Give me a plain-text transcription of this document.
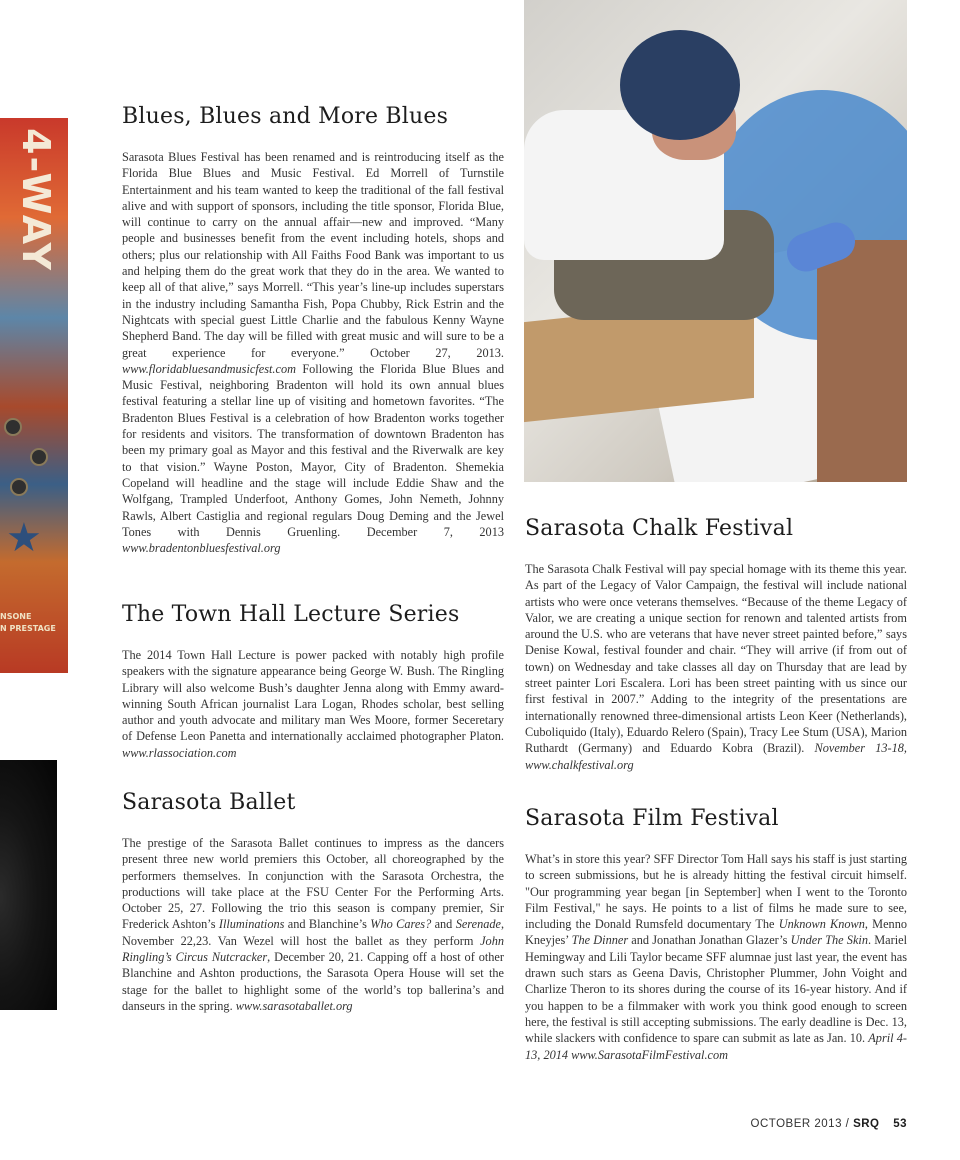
4-WAY
★
NSONE
N PRESTAGE
Blues, Blues and More Blues

Sarasota Blues Festival has been renamed and is reintroducing itself as the Florida Blue Blues and Music Festival. Ed Morrell of Turnstile Entertainment and his team wanted to keep the traditional of the fall festival alive and with support of sponsors, including the title sponsor, Florida Blue, will continue to carry on the annual affair—new and improved. “Many people and businesses benefit from the event including hotels, shops and others; plus our relationship with All Faiths Food Bank was important to us and helping them do the great work that they do in the area. We wanted to keep all of that alive,” says Morrell. “This year’s line-up includes superstars in the industry including Samantha Fish, Popa Chubby, Rick Estrin and the Nightcats with special guest Little Charlie and the fabulous Kenny Wayne Shepherd Band. The day will be filled with great music and will sure to be a great experience for everyone.” October 27, 2013. www.floridabluesandmusicfest.com Following the Florida Blue Blues and Music Festival, neighboring Bradenton will hold its own annual blues festival featuring a stellar line up of visiting and hometown favorites. “The Bradenton Blues Festival is a celebration of how Bradenton works together for residents and visitors. The transformation of downtown Bradenton has been my primary goal as Mayor and this festival and the Riverwalk are key to that vision.” Wayne Poston, Mayor, City of Bradenton. Shemekia Copeland will headline and the stage will include Eddie Shaw and the Wolfgang, Trampled Underfoot, Anthony Gomes, John Nemeth, Johnny Rawls, Albert Castiglia and regional regulars Doug Deming and the Jewel Tones with Dennis Gruenling. December 7, 2013 www.bradentonbluesfestival.org

The Town Hall Lecture Series

The 2014 Town Hall Lecture is power packed with notably high profile speakers with the signature appearance being George W. Bush. The Ringling Library will also welcome Bush’s daughter Jenna along with Emmy award-winning South African journalist Lara Logan, Rhodes scholar, best selling author and youth advocate and military man Wes Moore, former Seceretary of Defense Leon Panetta and internationally acclaimed photographer Platon. www.rlassociation.com

Sarasota Ballet

The prestige of the Sarasota Ballet continues to impress as the dancers present three new world premiers this October, all choreographed by the performers themselves. In conjunction with the Sarasota Orchestra, the productions will take place at the FSU Center For the Performing Arts. October 25, 27. Following the trio this season is company premier, Sir Frederick Ashton’s Illuminations and Blanchine’s Who Cares? and Serenade, November 22,23. Van Wezel will host the ballet as they perform John Ringling’s Circus Nutcracker, December 20, 21. Capping off a host of other Blanchine and Ashton productions, the Sarasota Opera House will set the stage for the ballet to highlight some of the world’s top ballerina’s and danseurs in the spring. www.sarasotaballet.org

Sarasota Chalk Festival

The Sarasota Chalk Festival will pay special homage with its theme this year. As part of the Legacy of Valor Campaign, the festival will include national artists who were once veterans themselves. “Because of the theme Legacy of Valor, we are creating a unique section for renown and talented artists from around the U.S. who are veterans that have never street painted before,” says Denise Kowal, festival founder and chair. “They will arrive (if from out of town) on Wednesday and take classes all day on Thursday that are lead by street painter Lori Escalera. Lori has been street painting with us since our first festival in 2007.” Adding to the integrity of the presentations are internationally renowned three-dimensional artists Leon Keer (Netherlands), Cuboliquido (Italy), Eduardo Relero (Spain), Tracy Lee Stum (USA), Marion Ruthardt (Germany) and Eduardo Kobra (Brazil). November 13-18, www.chalkfestival.org

Sarasota Film Festival

What’s in store this year? SFF Director Tom Hall says his staff is just starting to screen submissions, but he is already hitting the festival circuit himself. "Our programming year began [in September] when I went to the Toronto Film Festival," he says. He points to a list of films he made sure to see, including the Donald Rumsfeld documentary The Unknown Known, Menno Kneyjes’ The Dinner and Jonathan Jonathan Glazer’s Under The Skin. Mariel Hemingway and Lili Taylor became SFF alumnae just last year, the event has drawn such stars as Geena Davis, Christopher Plummer, John Voight and Charlize Theron to its shores during the course of its 16-year history. And if you happen to be a filmmaker with work you think good enough to screen here, the festival is still accepting submissions. The early deadline is Dec. 13, while slackers with confidence to spare can submit as late as Jan. 10. April 4-13, 2014 www.SarasotaFilmFestival.com

OCTOBER 2013 / SRQ 53
